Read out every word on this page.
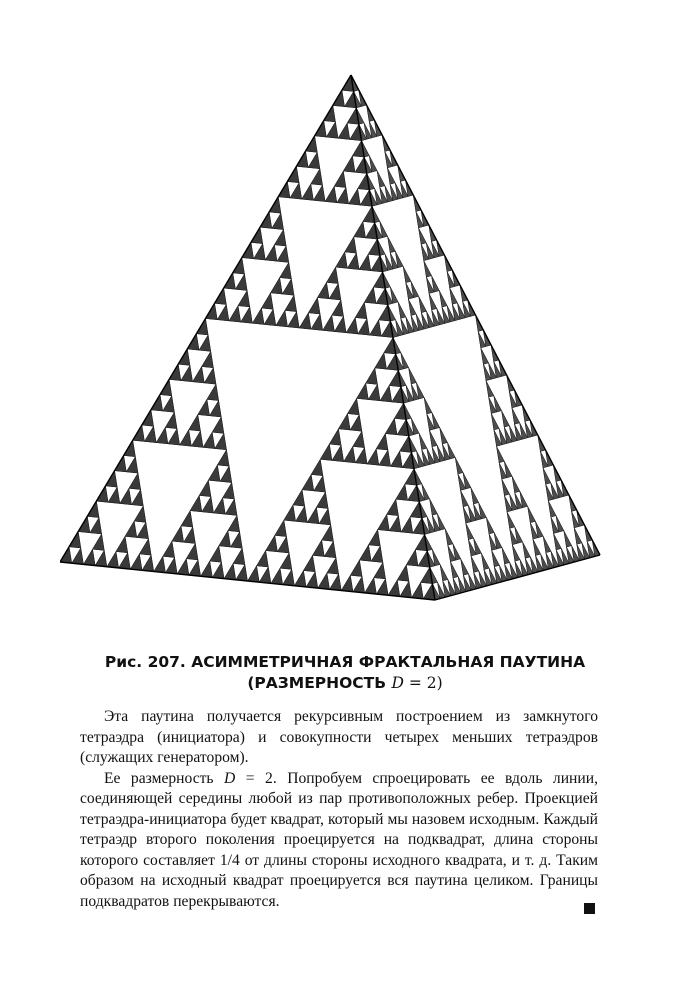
Рис. 207. АСИММЕТРИЧНАЯ ФРАКТАЛЬНАЯ ПАУТИНА
(РАЗМЕРНОСТЬ D = 2)

Эта паутина получается рекурсивным построением из замкнутого тетраэдра (инициатора) и совокупности четырех меньших тетраэдров (служащих генератором).

Ее размерность D = 2. Попробуем спроецировать ее вдоль линии, соединяющей середины любой из пар противоположных ребер. Проекцией тетраэдра-инициатора будет квадрат, который мы назовем исходным. Каждый тетраэдр второго поколения проецируется на подквадрат, длина стороны которого составляет 1/4 от длины стороны исходного квадрата, и т. д. Таким образом на исходный квадрат проецируется вся паутина целиком. Границы подквадратов перекрываются.
